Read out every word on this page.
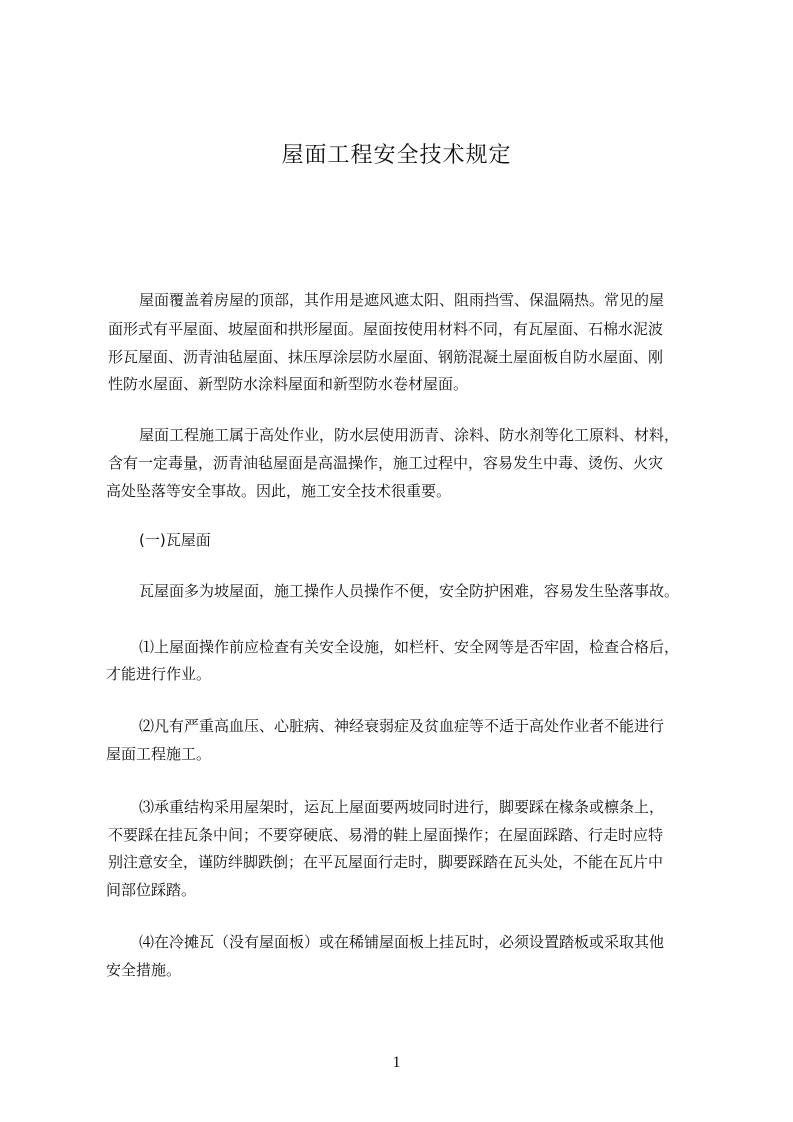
屋面工程安全技术规定
屋面覆盖着房屋的顶部，其作用是遮风遮太阳、阻雨挡雪、保温隔热。常见的屋
面形式有平屋面、坡屋面和拱形屋面。屋面按使用材料不同，有瓦屋面、石棉水泥波
形瓦屋面、沥青油毡屋面、抹压厚涂层防水屋面、钢筋混凝土屋面板自防水屋面、刚
性防水屋面、新型防水涂料屋面和新型防水卷材屋面。
屋面工程施工属于高处作业，防水层使用沥青、涂料、防水剂等化工原料、材料，
含有一定毒量，沥青油毡屋面是高温操作，施工过程中，容易发生中毒、烫伤、火灾
高处坠落等安全事故。因此，施工安全技术很重要。
(一)瓦屋面
瓦屋面多为坡屋面，施工操作人员操作不便，安全防护困难，容易发生坠落事故。
⑴上屋面操作前应检查有关安全设施，如栏杆、安全网等是否牢固，检查合格后，
才能进行作业。
⑵凡有严重高血压、心脏病、神经衰弱症及贫血症等不适于高处作业者不能进行
屋面工程施工。
⑶承重结构采用屋架时，运瓦上屋面要两坡同时进行，脚要踩在椽条或檩条上，
不要踩在挂瓦条中间；不要穿硬底、易滑的鞋上屋面操作；在屋面踩踏、行走时应特
别注意安全，谨防绊脚跌倒；在平瓦屋面行走时，脚要踩踏在瓦头处，不能在瓦片中
间部位踩踏。
⑷在冷摊瓦（没有屋面板）或在稀铺屋面板上挂瓦时，必须设置踏板或采取其他
安全措施。
1
